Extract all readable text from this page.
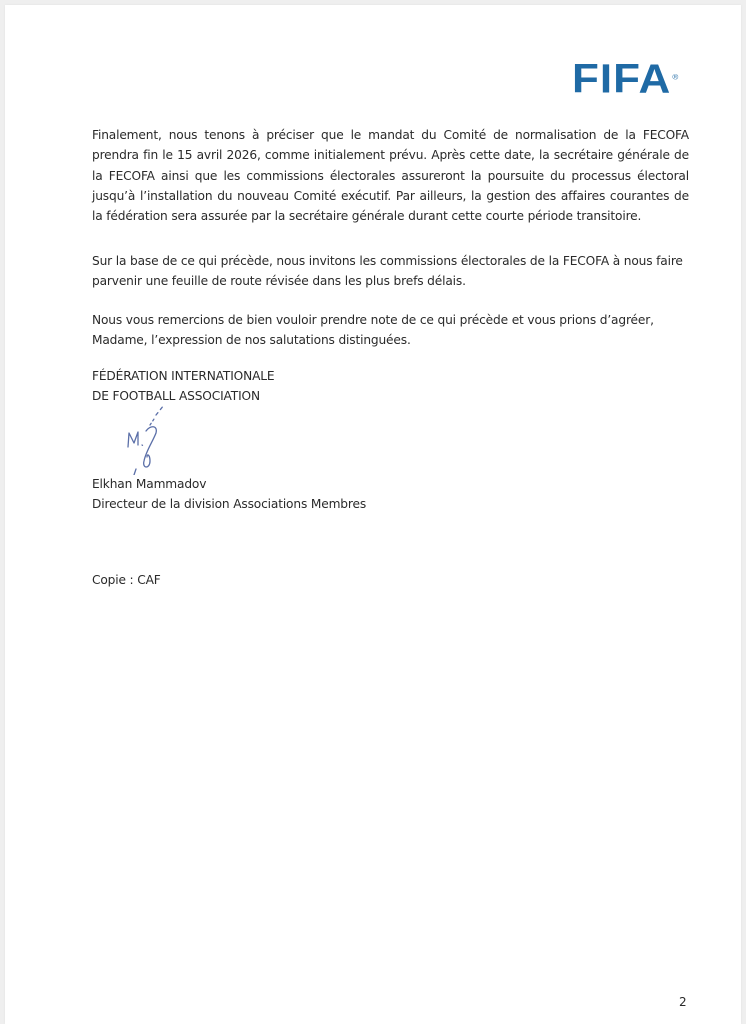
FIFA®

Finalement, nous tenons à préciser que le mandat du Comité de normalisation de la FECOFA prendra fin le 15 avril 2026, comme initialement prévu. Après cette date, la secrétaire générale de la FECOFA ainsi que les commissions électorales assureront la poursuite du processus électoral jusqu’à l’installation du nouveau Comité exécutif. Par ailleurs, la gestion des affaires courantes de la fédération sera assurée par la secrétaire générale durant cette courte période transitoire.

Sur la base de ce qui précède, nous invitons les commissions électorales de la FECOFA à nous faire parvenir une feuille de route révisée dans les plus brefs délais.

Nous vous remercions de bien vouloir prendre note de ce qui précède et vous prions d’agréer, Madame, l’expression de nos salutations distinguées.

FÉDÉRATION INTERNATIONALE

DE FOOTBALL ASSOCIATION

Elkhan Mammadov

Directeur de la division Associations Membres

Copie : CAF

2
